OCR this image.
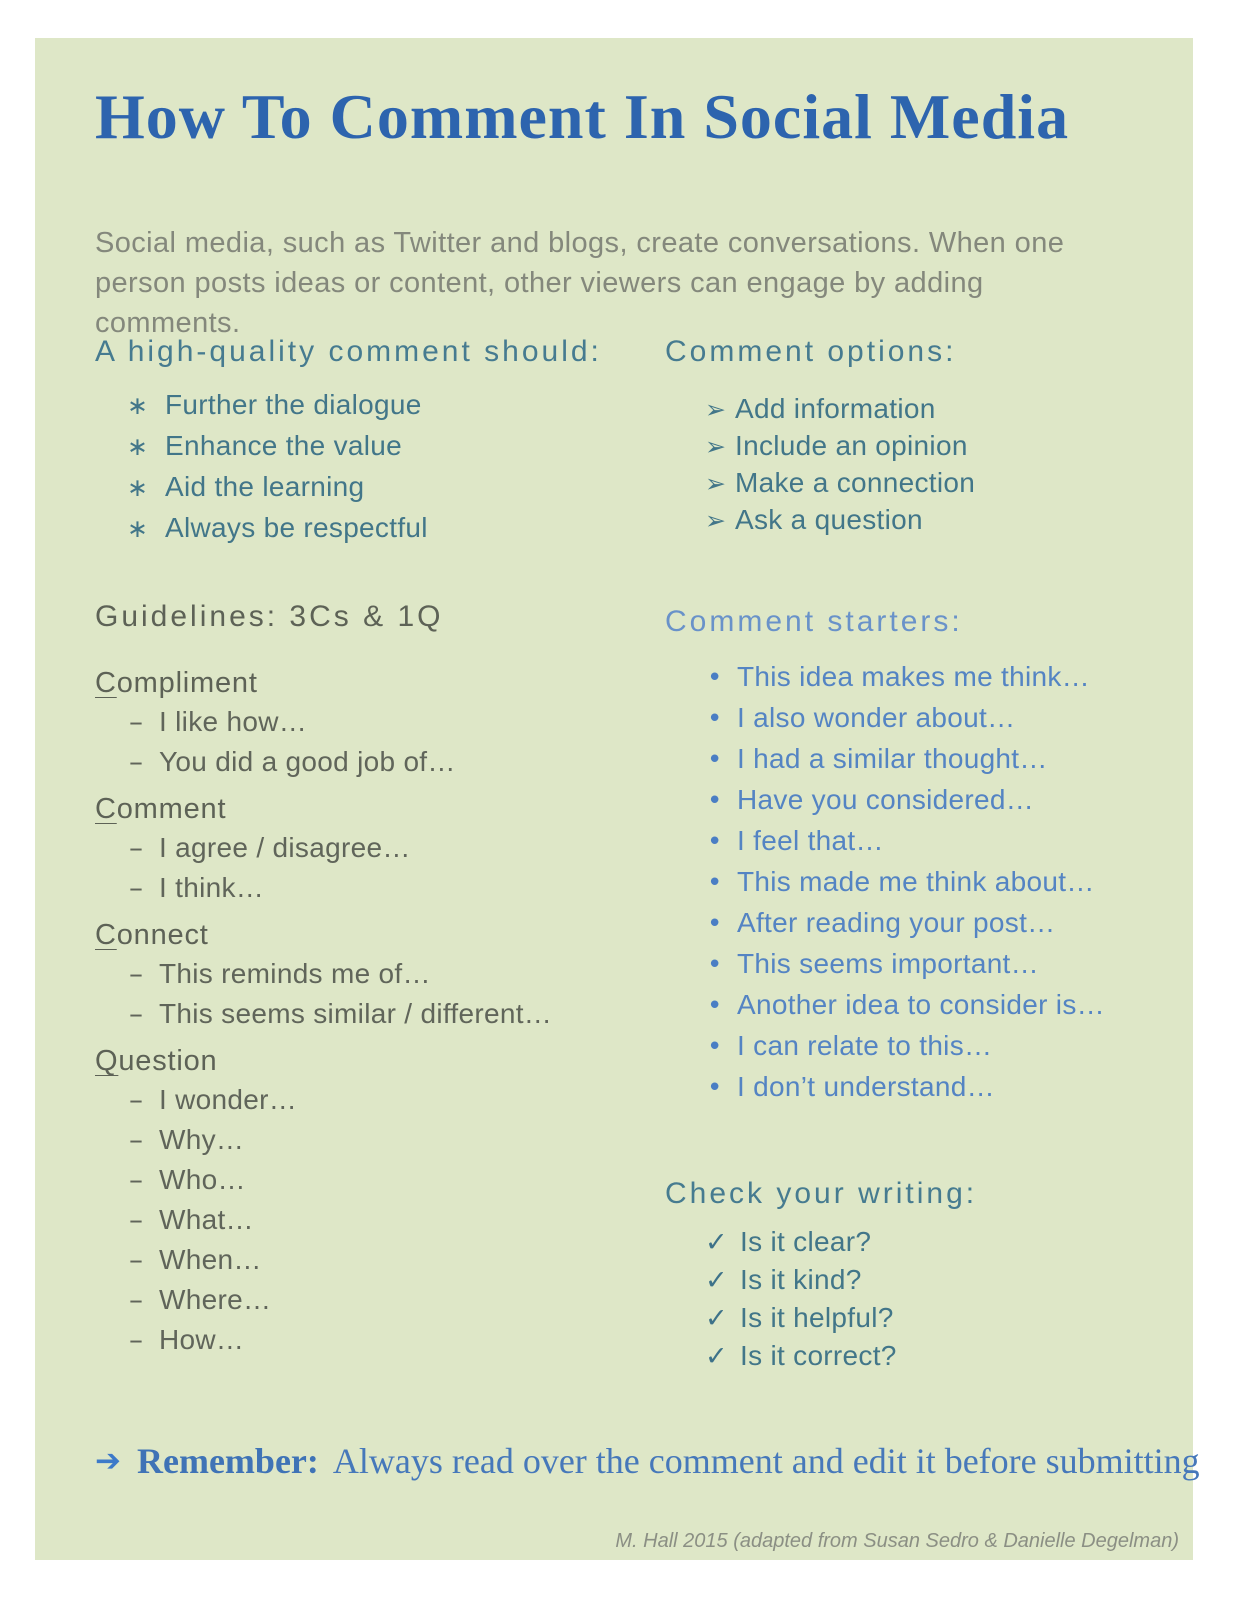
How To Comment In Social Media

Social media, such as Twitter and blogs, create conversations. When one person posts ideas or content, other viewers can engage by adding comments.

A high-quality comment should:
∗ Further the dialogue
∗ Enhance the value
∗ Aid the learning
∗ Always be respectful
Comment options:
➢ Add information
➢ Include an opinion
➢ Make a connection
➢ Ask a question
Guidelines: 3Cs & 1Q
Compliment
– I like how…
– You did a good job of…
Comment
– I agree / disagree…
– I think…
Connect
– This reminds me of…
– This seems similar / different…
Question
– I wonder…
– Why…
– Who…
– What…
– When…
– Where…
– How…
Comment starters:
• This idea makes me think…
• I also wonder about…
• I had a similar thought…
• Have you considered…
• I feel that…
• This made me think about…
• After reading your post…
• This seems important…
• Another idea to consider is…
• I can relate to this…
• I don’t understand…
Check your writing:
✓ Is it clear?
✓ Is it kind?
✓ Is it helpful?
✓ Is it correct?
➔ Remember: Always read over the comment and edit it before submitting
M. Hall 2015 (adapted from Susan Sedro & Danielle Degelman)
